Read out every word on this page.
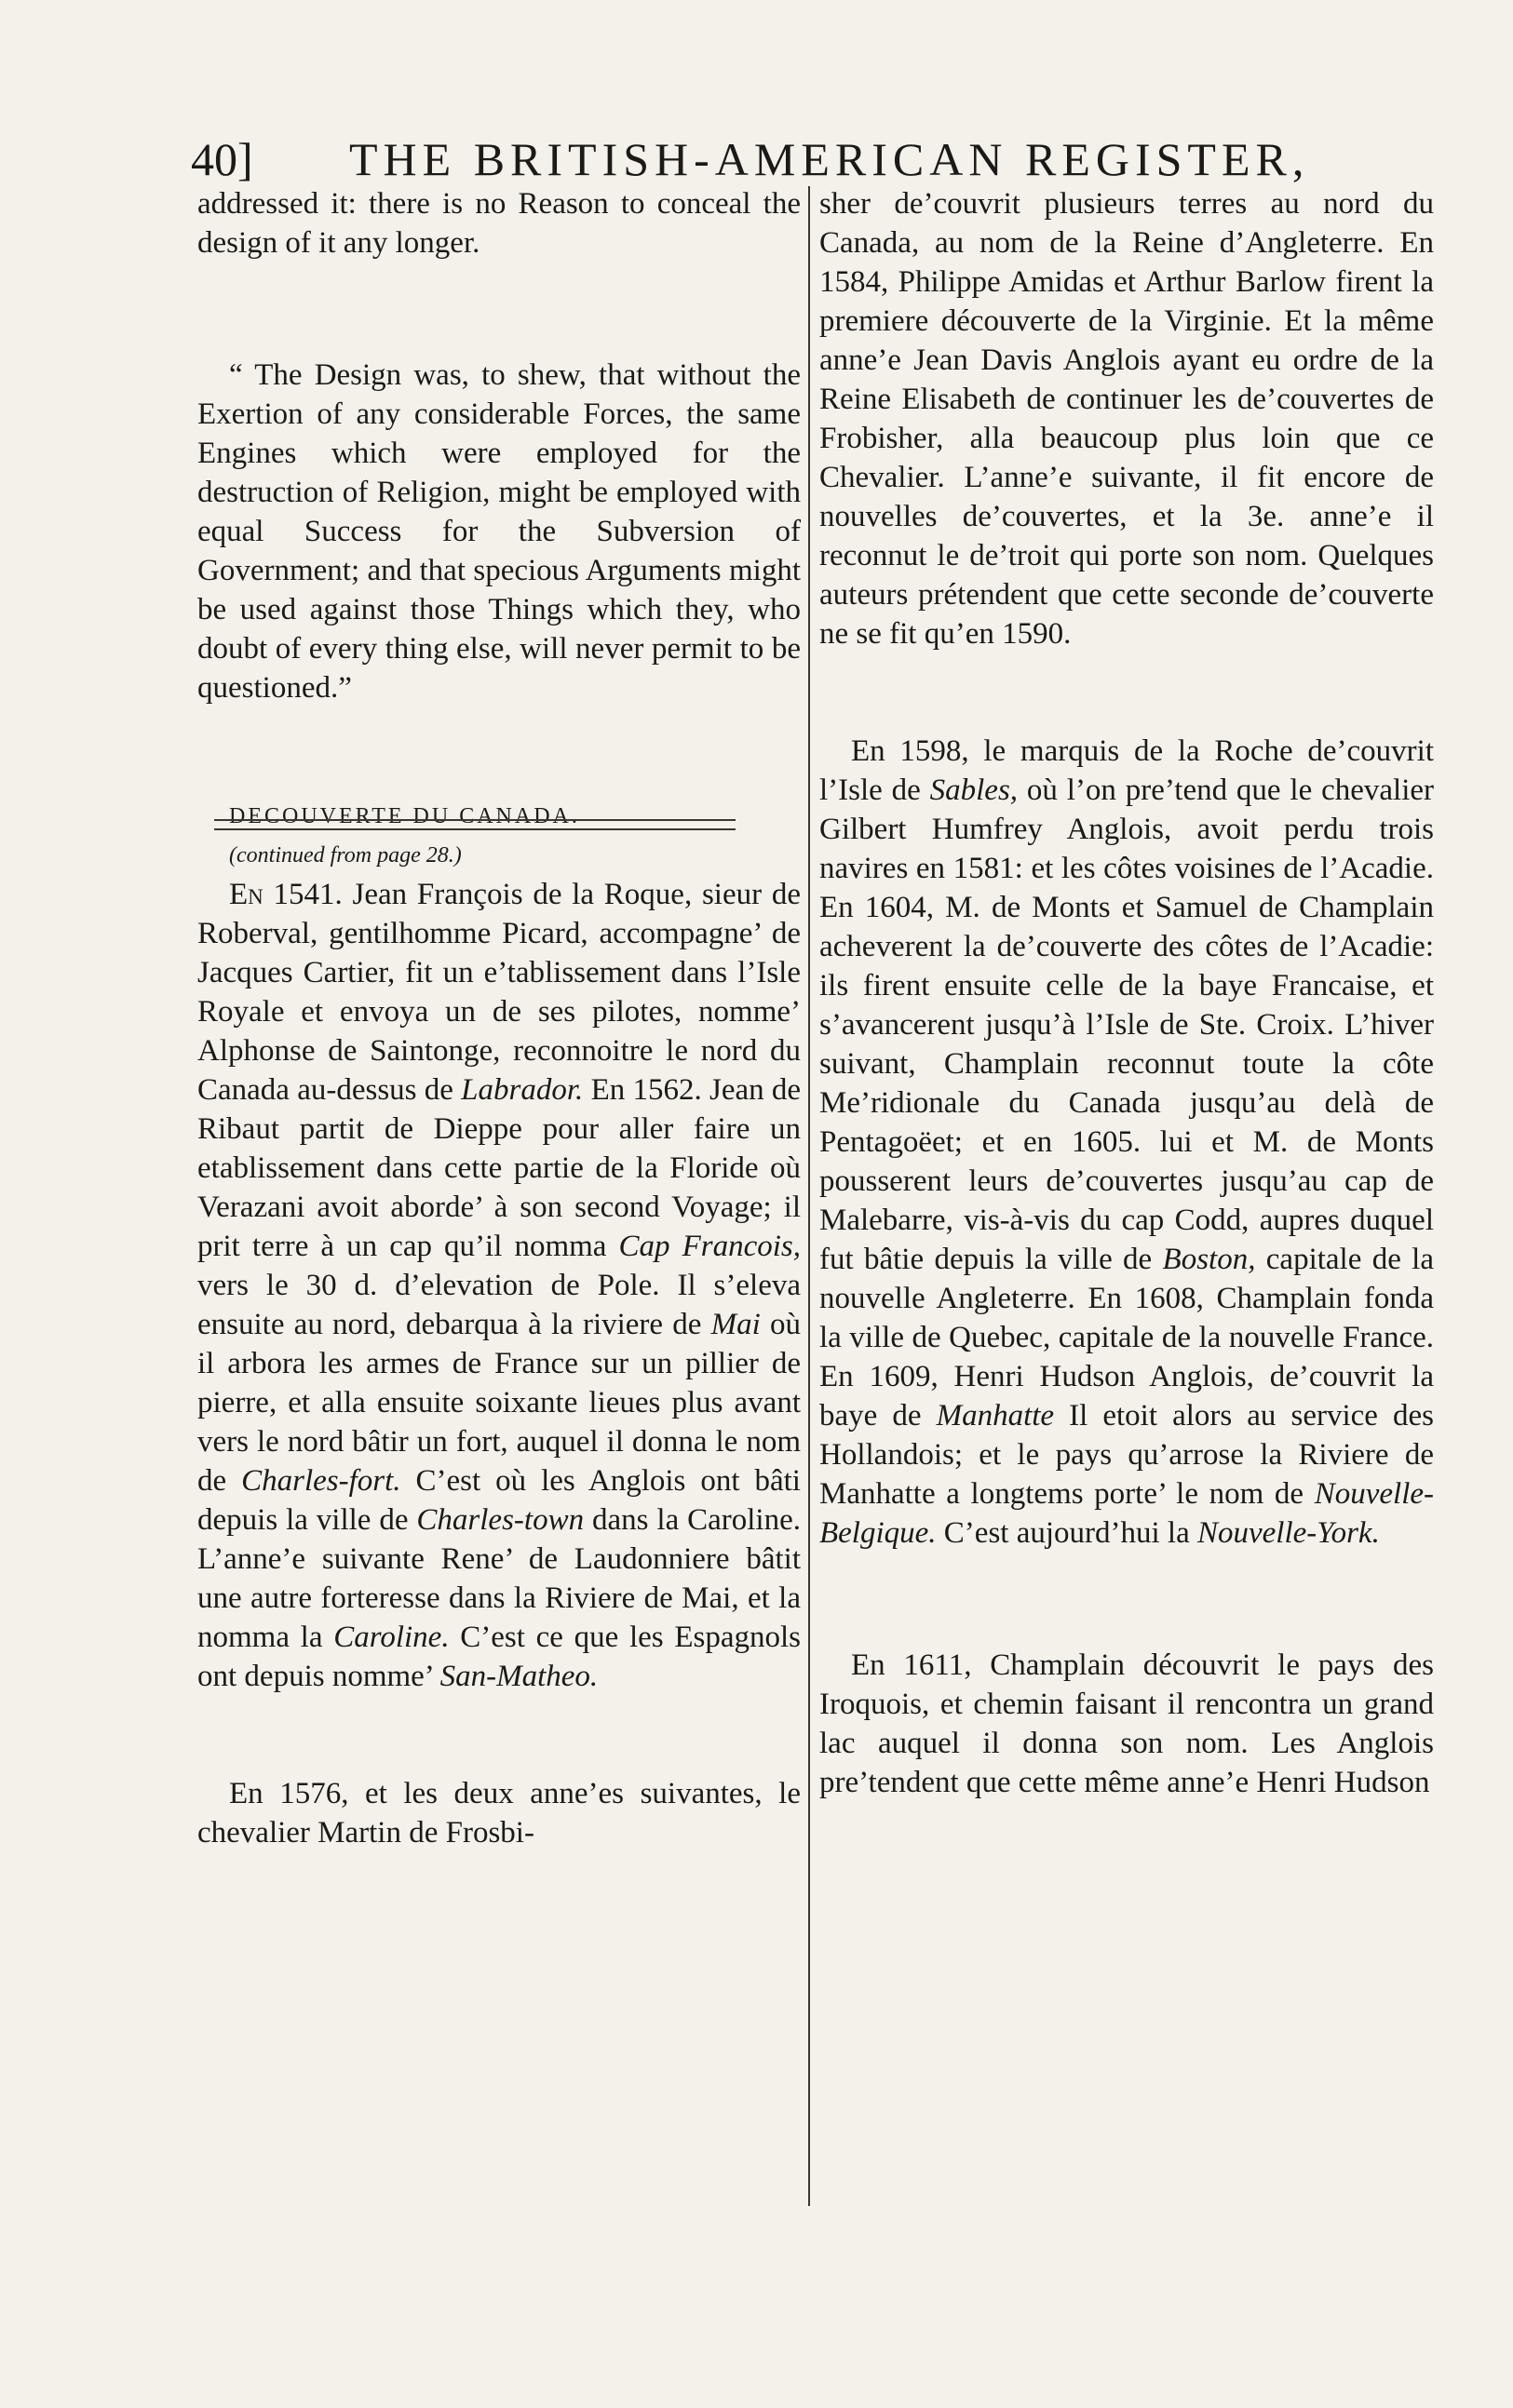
40] THE BRITISH-AMERICAN REGISTER,

addressed it: there is no Reason to conceal the design of it any longer.

“ The Design was, to shew, that without the Exertion of any considerable Forces, the same Engines which were employed for the destruction of Religion, might be employed with equal Success for the Subversion of Government; and that specious Arguments might be used against those Things which they, who doubt of every thing else, will never permit to be questioned.”

DECOUVERTE DU CANADA.

(continued from page 28.)

En 1541. Jean François de la Roque, sieur de Roberval, gentilhomme Picard, accompagne’ de Jacques Cartier, fit un e’tablissement dans l’Isle Royale et envoya un de ses pilotes, nomme’ Alphonse de Saintonge, reconnoitre le nord du Canada au-dessus de Labrador. En 1562. Jean de Ribaut partit de Dieppe pour aller faire un etablissement dans cette partie de la Floride où Verazani avoit aborde’ à son second Voyage; il prit terre à un cap qu’il nomma Cap Francois, vers le 30 d. d’elevation de Pole. Il s’eleva ensuite au nord, debarqua à la riviere de Mai où il arbora les armes de France sur un pillier de pierre, et alla ensuite soixante lieues plus avant vers le nord bâtir un fort, auquel il donna le nom de Charles-fort. C’est où les Anglois ont bâti depuis la ville de Charles-town dans la Caroline. L’anne’e suivante Rene’ de Laudonniere bâtit une autre forteresse dans la Riviere de Mai, et la nomma la Caroline. C’est ce que les Espagnols ont depuis nomme’ San-Matheo.

En 1576, et les deux anne’es suivantes, le chevalier Martin de Frosbi-

sher de’couvrit plusieurs terres au nord du Canada, au nom de la Reine d’Angleterre. En 1584, Philippe Amidas et Arthur Barlow firent la premiere découverte de la Virginie. Et la même anne’e Jean Davis Anglois ayant eu ordre de la Reine Elisabeth de continuer les de’couvertes de Frobisher, alla beaucoup plus loin que ce Chevalier. L’anne’e suivante, il fit encore de nouvelles de’couvertes, et la 3e. anne’e il reconnut le de’troit qui porte son nom. Quelques auteurs prétendent que cette seconde de’couverte ne se fit qu’en 1590.

En 1598, le marquis de la Roche de’couvrit l’Isle de Sables, où l’on pre’tend que le chevalier Gilbert Humfrey Anglois, avoit perdu trois navires en 1581: et les côtes voisines de l’Acadie. En 1604, M. de Monts et Samuel de Champlain acheverent la de’couverte des côtes de l’Acadie: ils firent ensuite celle de la baye Francaise, et s’avancerent jusqu’à l’Isle de Ste. Croix. L’hiver suivant, Champlain reconnut toute la côte Me’ridionale du Canada jusqu’au delà de Pentagoëet; et en 1605. lui et M. de Monts pousserent leurs de’couvertes jusqu’au cap de Malebarre, vis-à-vis du cap Codd, aupres duquel fut bâtie depuis la ville de Boston, capitale de la nouvelle Angleterre. En 1608, Champlain fonda la ville de Quebec, capitale de la nouvelle France. En 1609, Henri Hudson Anglois, de’couvrit la baye de Manhatte Il etoit alors au service des Hollandois; et le pays qu’arrose la Riviere de Manhatte a longtems porte’ le nom de Nouvelle-Belgique. C’est aujourd’hui la Nouvelle-York.

En 1611, Champlain découvrit le pays des Iroquois, et chemin faisant il rencontra un grand lac auquel il donna son nom. Les Anglois pre’tendent que cette même anne’e Henri Hudson
